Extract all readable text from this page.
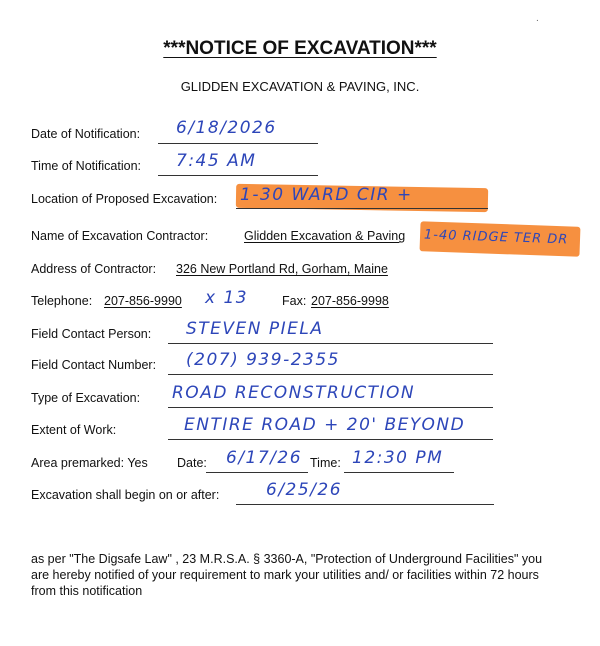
.
***NOTICE OF EXCAVATION***
GLIDDEN EXCAVATION & PAVING, INC.
Date of Notification: 6/18/2026
Time of Notification: 7:45 AM
Location of Proposed Excavation: 1-30 WARD CIR +
Name of Excavation Contractor:	Glidden Excavation & Paving 1-40 RIDGE TER DR
Address of Contractor: 326 New Portland Rd, Gorham, Maine
Telephone: 207-856-9990 x 13	Fax: 207-856-9998
Field Contact Person: STEVEN PIELA
Field Contact Number: (207) 939-2355
Type of Excavation: ROAD RECONSTRUCTION
Extent of Work:	ENTIRE ROAD + 20' BEYOND
Area premarked: Yes Date: 6/17/26 Time: 12:30 PM
Excavation shall begin on or after:	6/25/26
as per "The Digsafe Law" , 23 M.R.S.A. § 3360-A, "Protection of Underground Facilities" you are hereby notified of your requirement to mark your utilities and/ or facilities within 72 hours from this notification
